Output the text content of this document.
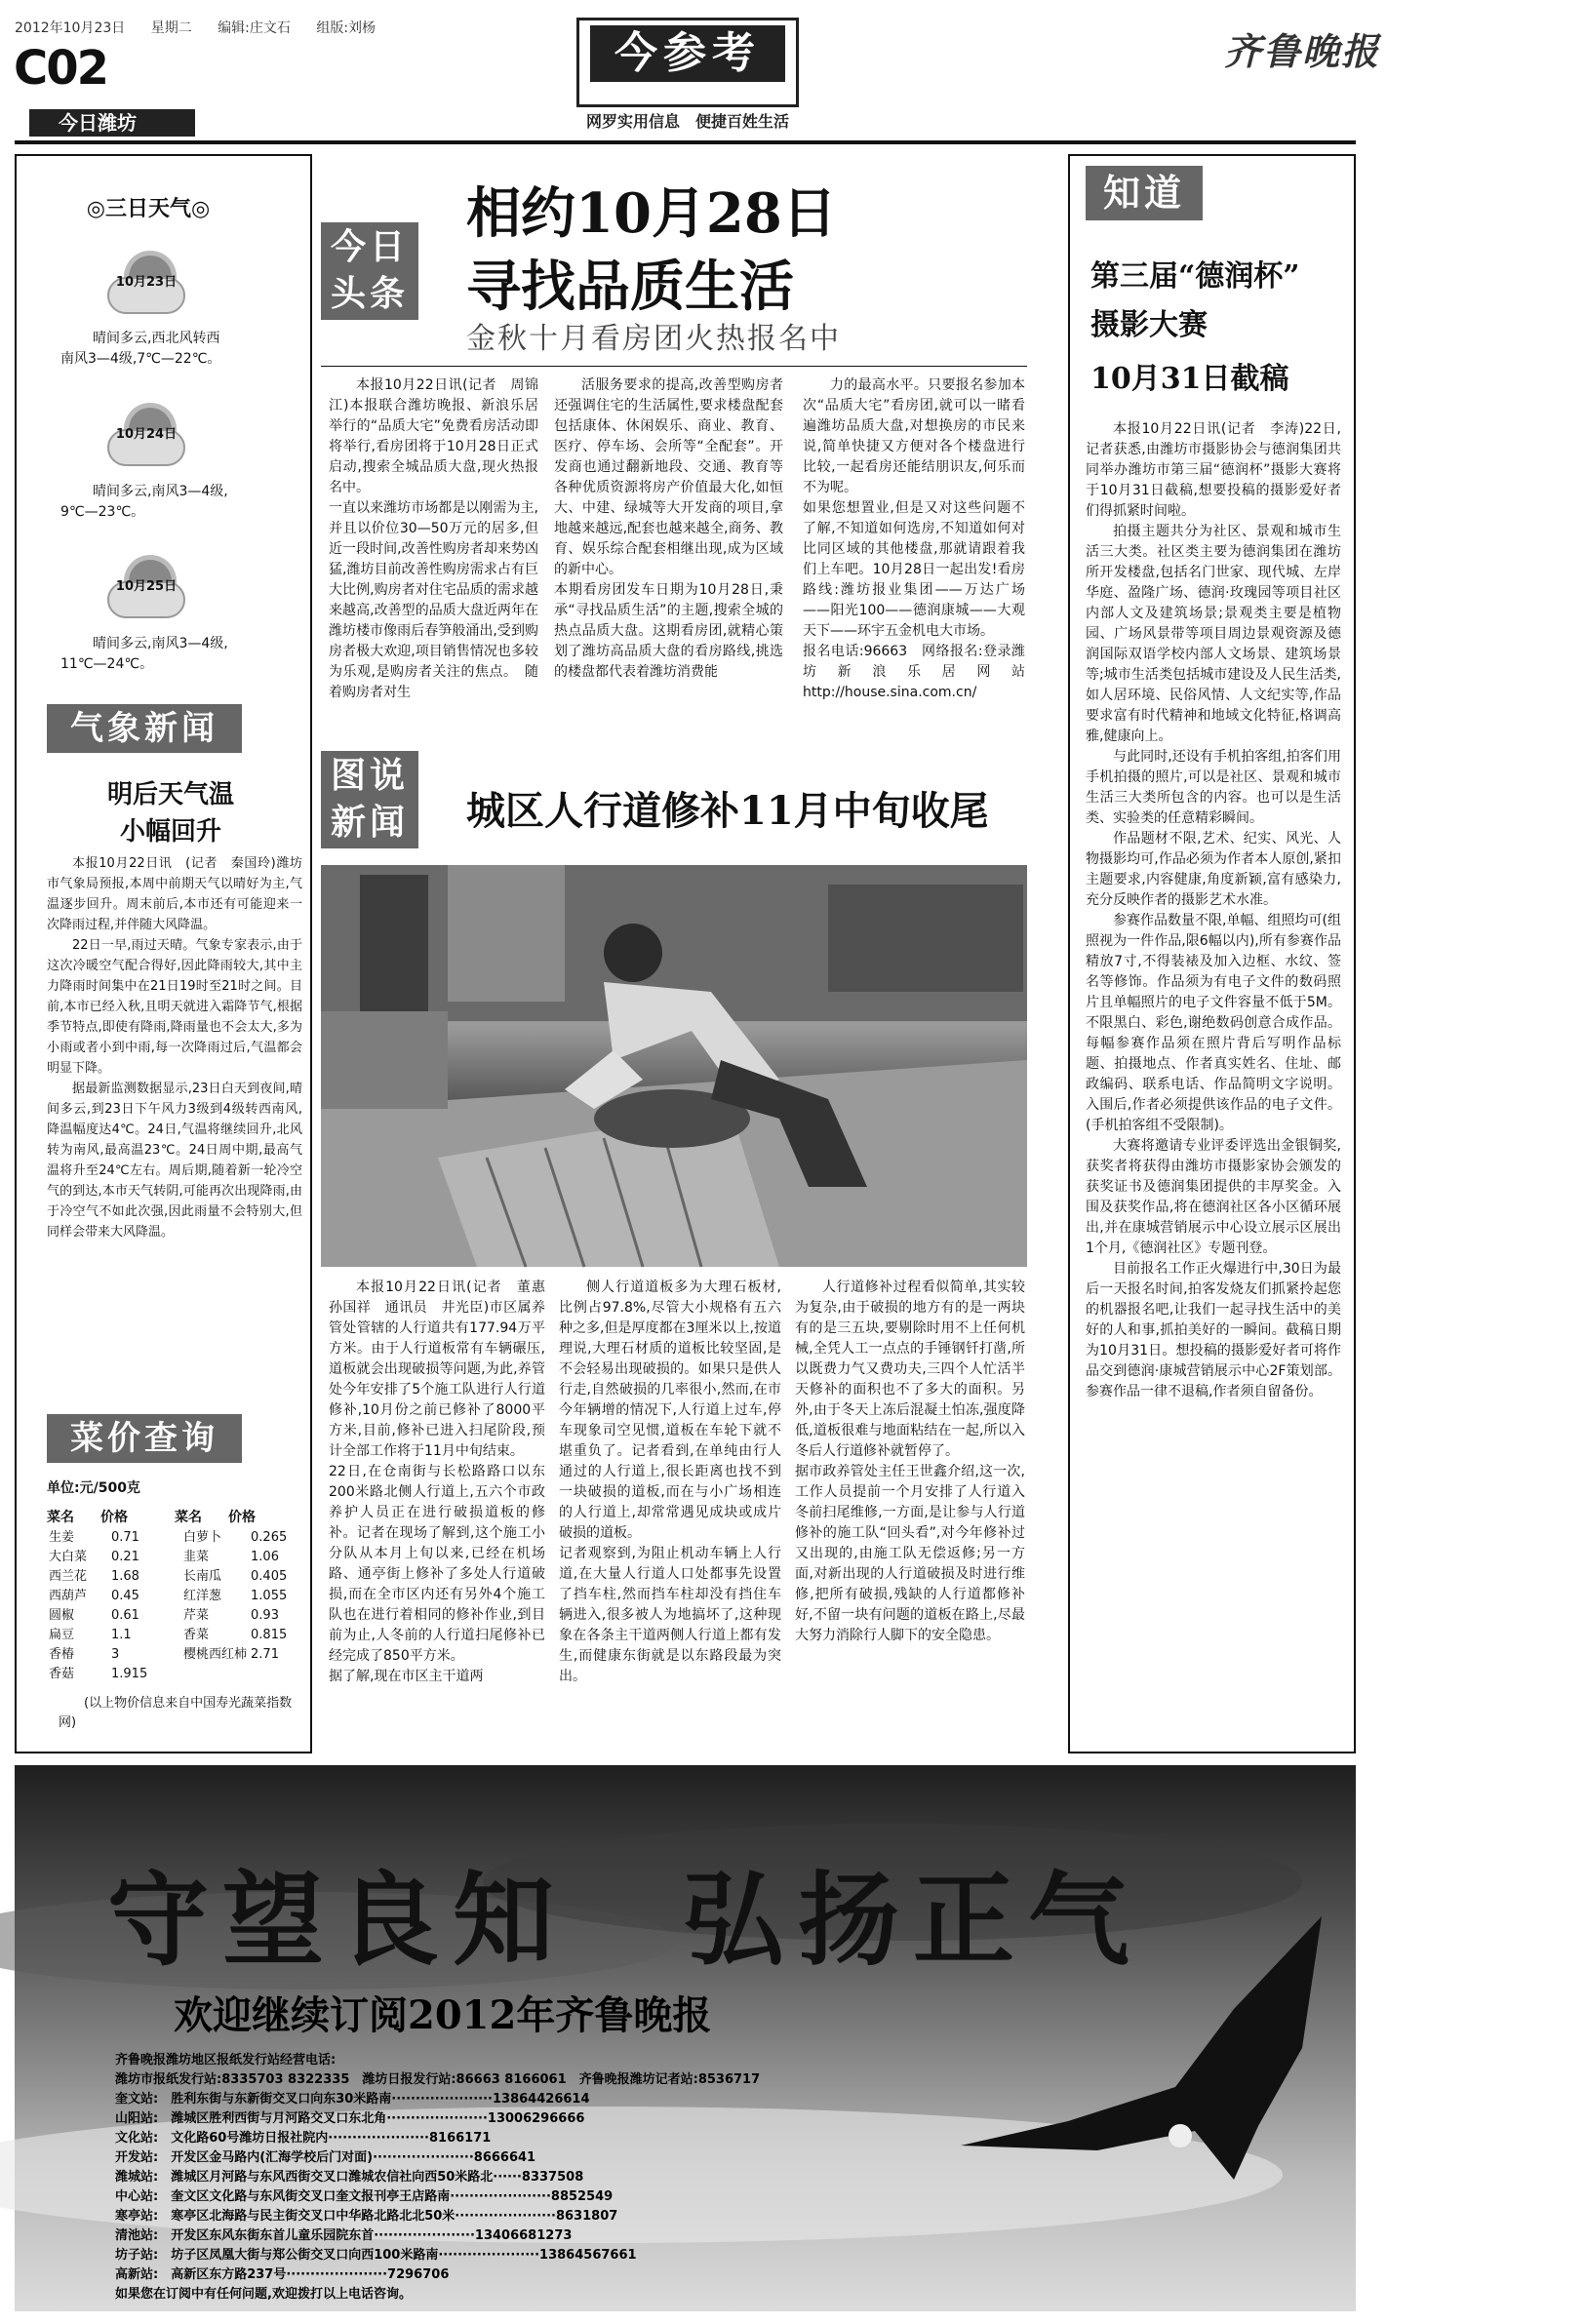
2012年10月23日 星期二 编辑:庄文石 组版:刘杨
C02
今日潍坊
今参考
网罗实用信息　便捷百姓生活
齐鲁晚报
◎三日天气◎
10月23日
晴间多云,西北风转西
南风3—4级,7℃—22℃。
10月24日
晴间多云,南风3—4级,
9℃—23℃。
10月25日
晴间多云,南风3—4级,
11℃—24℃。
气象新闻
明后天气温
小幅回升

本报10月22日讯　(记者　秦国玲)潍坊市气象局预报,本周中前期天气以晴好为主,气温逐步回升。周末前后,本市还有可能迎来一次降雨过程,并伴随大风降温。

22日一早,雨过天晴。气象专家表示,由于这次冷暖空气配合得好,因此降雨较大,其中主力降雨时间集中在21日19时至21时之间。目前,本市已经入秋,且明天就进入霜降节气,根据季节特点,即使有降雨,降雨量也不会太大,多为小雨或者小到中雨,每一次降雨过后,气温都会明显下降。

据最新监测数据显示,23日白天到夜间,晴间多云,到23日下午风力3级到4级转西南风,降温幅度达4℃。24日,气温将继续回升,北风转为南风,最高温23℃。24日周中期,最高气温将升至24℃左右。周后期,随着新一轮冷空气的到达,本市天气转阴,可能再次出现降雨,由于冷空气不如此次强,因此雨量不会特别大,但同样会带来大风降温。

菜价查询
单位:元/500克
菜名	价格	菜名	价格
生姜	0.71	白萝卜	0.265
大白菜	0.21	韭菜	1.06
西兰花	1.68	长南瓜	0.405
西葫芦	0.45	红洋葱	1.055
圆椒	0.61	芹菜	0.93
扁豆	1.1	香菜	0.815
香椿	3	樱桃西红柿	2.71
香菇	1.915		
(以上物价信息来自中国寿光蔬菜指数网)
今日头条
相约10月28日
寻找品质生活
金秋十月看房团火热报名中

本报10月22日讯(记者　周锦江)本报联合潍坊晚报、新浪乐居举行的“品质大宅”免费看房活动即将举行,看房团将于10月28日正式启动,搜索全城品质大盘,现火热报名中。
一直以来潍坊市场都是以刚需为主,并且以价位30—50万元的居多,但近一段时间,改善性购房者却来势凶猛,潍坊目前改善性购房需求占有巨大比例,购房者对住宅品质的需求越来越高,改善型的品质大盘近两年在潍坊楼市像雨后春笋般涌出,受到购房者极大欢迎,项目销售情况也多较为乐观,是购房者关注的焦点。　随着购房者对生

活服务要求的提高,改善型购房者还强调住宅的生活属性,要求楼盘配套包括康体、休闲娱乐、商业、教育、医疗、停车场、会所等“全配套”。开发商也通过翻新地段、交通、教育等各种优质资源将房产价值最大化,如恒大、中建、绿城等大开发商的项目,拿地越来越远,配套也越来越全,商务、教育、娱乐综合配套相继出现,成为区域的新中心。
本期看房团发车日期为10月28日,秉承“寻找品质生活”的主题,搜索全城的热点品质大盘。这期看房团,就精心策划了潍坊高品质大盘的看房路线,挑选的楼盘都代表着潍坊消费能

力的最高水平。只要报名参加本次“品质大宅”看房团,就可以一睹看遍潍坊品质大盘,对想换房的市民来说,简单快捷又方便对各个楼盘进行比较,一起看房还能结朋识友,何乐而不为呢。
如果您想置业,但是又对这些问题不了解,不知道如何选房,不知道如何对比同区域的其他楼盘,那就请跟着我们上车吧。10月28日一起出发!看房路线:潍坊报业集团——万达广场——阳光100——德润康城——大观天下——环宇五金机电大市场。
报名电话:96663　网络报名:登录潍坊新浪乐居网站http://house.sina.com.cn/

图说新闻 城区人行道修补11月中旬收尾

本报10月22日讯(记者　董惠　孙国祥　通讯员　井光臣)市区属养管处管辖的人行道共有177.94万平方米。由于人行道板常有车辆碾压,道板就会出现破损等问题,为此,养管处今年安排了5个施工队进行人行道修补,10月份之前已修补了8000平方米,目前,修补已进入扫尾阶段,预计全部工作将于11月中旬结束。
22日,在仓南街与长松路路口以东200米路北侧人行道上,五六个市政养护人员正在进行破损道板的修补。记者在现场了解到,这个施工小分队从本月上旬以来,已经在机场路、通亭街上修补了多处人行道破损,而在全市区内还有另外4个施工队也在进行着相同的修补作业,到目前为止,人冬前的人行道扫尾修补已经完成了850平方米。
据了解,现在市区主干道两

侧人行道道板多为大理石板材,比例占97.8%,尽管大小规格有五六种之多,但是厚度都在3厘米以上,按道理说,大理石材质的道板比较坚固,是不会轻易出现破损的。如果只是供人行走,自然破损的几率很小,然而,在市今年辆增的情况下,人行道上过车,停车现象司空见惯,道板在车轮下就不堪重负了。记者看到,在单纯由行人通过的人行道上,很长距离也找不到一块破损的道板,而在与小广场相连的人行道上,却常常遇见成块或成片破损的道板。
记者观察到,为阻止机动车辆上人行道,在大量人行道人口处都事先设置了挡车柱,然而挡车柱却没有挡住车辆进入,很多被人为地搞坏了,这种现象在各条主干道两侧人行道上都有发生,而健康东街就是以东路段最为突出。

人行道修补过程看似简单,其实较为复杂,由于破损的地方有的是一两块有的是三五块,要剔除时用不上任何机械,全凭人工一点点的手锤钢钎打凿,所以既费力气又费功夫,三四个人忙活半天修补的面积也不了多大的面积。另外,由于冬天上冻后混凝土怕冻,强度降低,道板很难与地面粘结在一起,所以入冬后人行道修补就暂停了。
据市政养管处主任王世鑫介绍,这一次,工作人员提前一个月安排了人行道入冬前扫尾维修,一方面,是让参与人行道修补的施工队“回头看”,对今年修补过又出现的,由施工队无偿返修;另一方面,对新出现的人行道破损及时进行维修,把所有破损,残缺的人行道都修补好,不留一块有问题的道板在路上,尽最大努力消除行人脚下的安全隐患。

知道
第三届“德润杯”
摄影大赛
10月31日截稿

本报10月22日讯(记者　李涛)22日,记者获悉,由潍坊市摄影协会与德润集团共同举办潍坊市第三届“德润杯”摄影大赛将于10月31日截稿,想要投稿的摄影爱好者们得抓紧时间啦。

拍摄主题共分为社区、景观和城市生活三大类。社区类主要为德润集团在潍坊所开发楼盘,包括名门世家、现代城、左岸华庭、盈隆广场、德润·玫瑰园等项目社区内部人文及建筑场景;景观类主要是植物园、广场风景带等项目周边景观资源及德润国际双语学校内部人文场景、建筑场景等;城市生活类包括城市建设及人民生活类,如人居环境、民俗风情、人文纪实等,作品要求富有时代精神和地域文化特征,格调高雅,健康向上。

与此同时,还设有手机拍客组,拍客们用手机拍摄的照片,可以是社区、景观和城市生活三大类所包含的内容。也可以是生活类、实验类的任意精彩瞬间。

作品题材不限,艺术、纪实、风光、人物摄影均可,作品必须为作者本人原创,紧扣主题要求,内容健康,角度新颖,富有感染力,充分反映作者的摄影艺术水准。

参赛作品数量不限,单幅、组照均可(组照视为一件作品,限6幅以内),所有参赛作品精放7寸,不得装裱及加入边框、水纹、签名等修饰。作品须为有电子文件的数码照片且单幅照片的电子文件容量不低于5M。不限黑白、彩色,谢绝数码创意合成作品。每幅参赛作品须在照片背后写明作品标题、拍摄地点、作者真实姓名、住址、邮政编码、联系电话、作品简明文字说明。入围后,作者必须提供该作品的电子文件。(手机拍客组不受限制)。

大赛将邀请专业评委评选出金银铜奖,获奖者将获得由潍坊市摄影家协会颁发的获奖证书及德润集团提供的丰厚奖金。入围及获奖作品,将在德润社区各小区循环展出,并在康城营销展示中心设立展示区展出1个月,《德润社区》专题刊登。

目前报名工作正火爆进行中,30日为最后一天报名时间,拍客发烧友们抓紧拎起您的机器报名吧,让我们一起寻找生活中的美好的人和事,抓拍美好的一瞬间。截稿日期为10月31日。想投稿的摄影爱好者可将作品交到德润·康城营销展示中心2F策划部。参赛作品一律不退稿,作者须自留备份。

守望良知　弘扬正气
欢迎继续订阅2012年齐鲁晚报
齐鲁晚报潍坊地区报纸发行站经营电话:
潍坊市报纸发行站:8335703 8322335　潍坊日报发行站:86663 8166061　齐鲁晚报潍坊记者站:8536717
奎文站:　胜利东街与东新街交叉口向东30米路南·····················13864426614
山阳站:　潍城区胜利西街与月河路交叉口东北角·····················13006296666
文化站:　文化路60号潍坊日报社院内·····················8166171
开发站:　开发区金马路内(汇海学校后门对面)·····················8666641
潍城站:　潍城区月河路与东风西街交叉口潍城农信社向西50米路北······8337508
中心站:　奎文区文化路与东风街交叉口奎文报刊亭王店路南·····················8852549
寒亭站:　寒亭区北海路与民主街交叉口中华路北路北北50米·····················8631807
清池站:　开发区东风东街东首儿童乐园院东首·····················13406681273
坊子站:　坊子区凤凰大街与郑公街交叉口向西100米路南·····················13864567661
高新站:　高新区东方路237号·····················7296706
如果您在订阅中有任何问题,欢迎拨打以上电话咨询。
